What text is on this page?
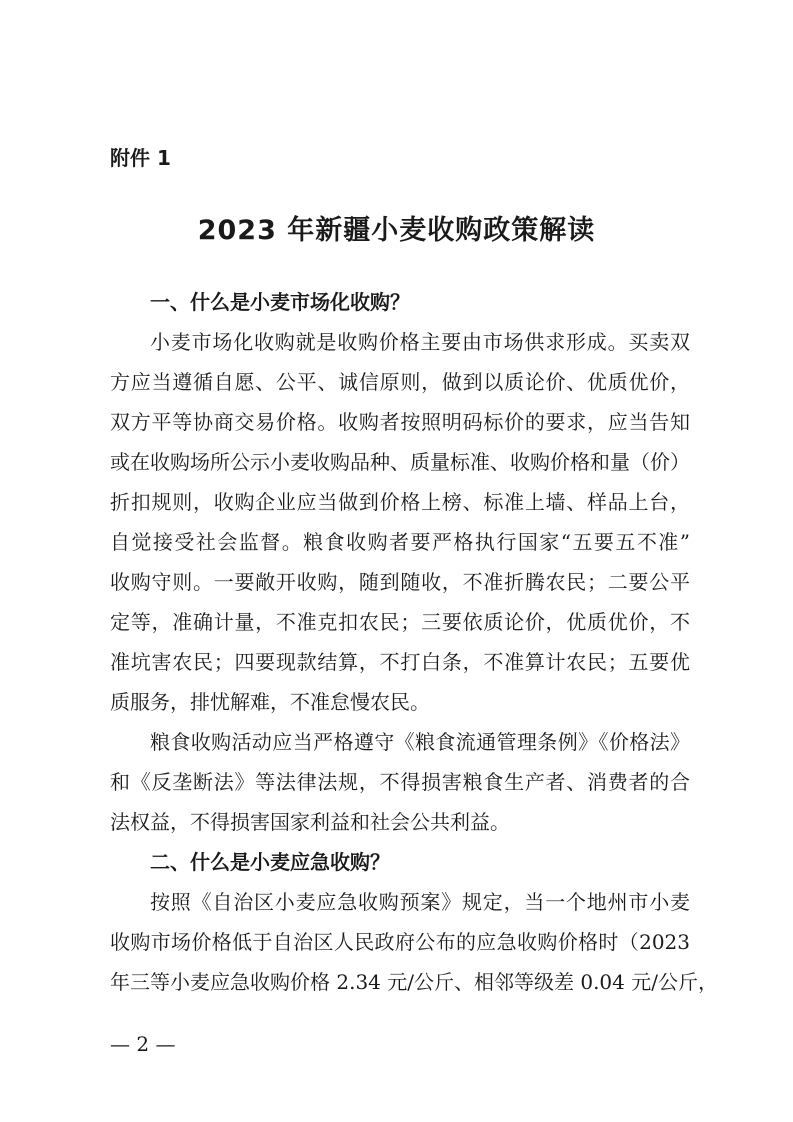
附件 1
2023 年新疆小麦收购政策解读
一、什么是小麦市场化收购？
小麦市场化收购就是收购价格主要由市场供求形成。买卖双
方应当遵循自愿、公平、诚信原则，做到以质论价、优质优价，
双方平等协商交易价格。收购者按照明码标价的要求，应当告知
或在收购场所公示小麦收购品种、质量标准、收购价格和量（价）
折扣规则，收购企业应当做到价格上榜、标准上墙、样品上台，
自觉接受社会监督。粮食收购者要严格执行国家“五要五不准”
收购守则。一要敞开收购，随到随收，不准折腾农民；二要公平
定等，准确计量，不准克扣农民；三要依质论价，优质优价，不
准坑害农民；四要现款结算，不打白条，不准算计农民；五要优
质服务，排忧解难，不准怠慢农民。
粮食收购活动应当严格遵守《粮食流通管理条例》《价格法》
和《反垄断法》等法律法规，不得损害粮食生产者、消费者的合
法权益，不得损害国家利益和社会公共利益。
二、什么是小麦应急收购？
按照《自治区小麦应急收购预案》规定，当一个地州市小麦
收购市场价格低于自治区人民政府公布的应急收购价格时（2023
年三等小麦应急收购价格 2.34 元/公斤、相邻等级差 0.04 元/公斤，
— 2 —
